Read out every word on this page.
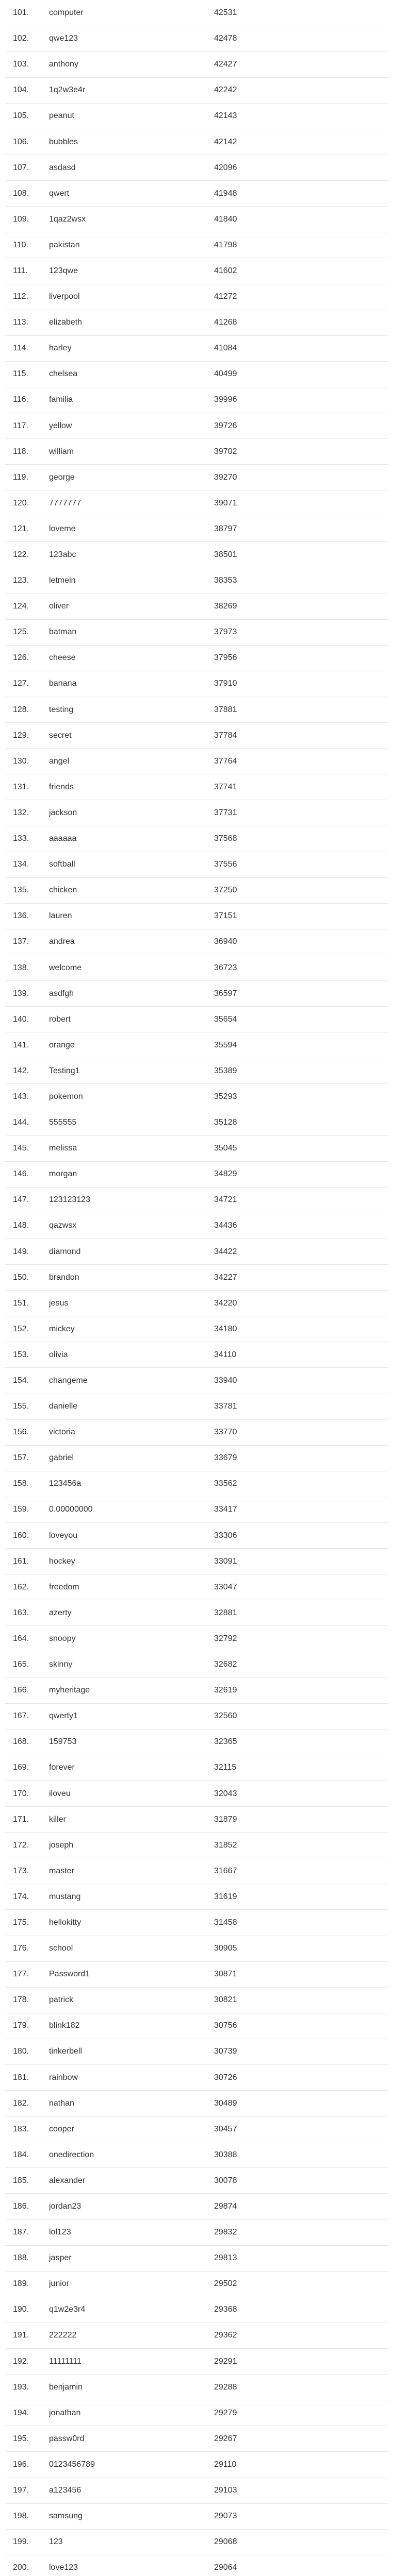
101.	computer	42531
102.	qwe123	42478
103.	anthony	42427
104.	1q2w3e4r	42242
105.	peanut	42143
106.	bubbles	42142
107.	asdasd	42096
108.	qwert	41948
109.	1qaz2wsx	41840
110.	pakistan	41798
111.	123qwe	41602
112.	liverpool	41272
113.	elizabeth	41268
114.	harley	41084
115.	chelsea	40499
116.	familia	39996
117.	yellow	39726
118.	william	39702
119.	george	39270
120.	7777777	39071
121.	loveme	38797
122.	123abc	38501
123.	letmein	38353
124.	oliver	38269
125.	batman	37973
126.	cheese	37956
127.	banana	37910
128.	testing	37881
129.	secret	37784
130.	angel	37764
131.	friends	37741
132.	jackson	37731
133.	aaaaaa	37568
134.	softball	37556
135.	chicken	37250
136.	lauren	37151
137.	andrea	36940
138.	welcome	36723
139.	asdfgh	36597
140.	robert	35654
141.	orange	35594
142.	Testing1	35389
143.	pokemon	35293
144.	555555	35128
145.	melissa	35045
146.	morgan	34829
147.	123123123	34721
148.	qazwsx	34436
149.	diamond	34422
150.	brandon	34227
151.	jesus	34220
152.	mickey	34180
153.	olivia	34110
154.	changeme	33940
155.	danielle	33781
156.	victoria	33770
157.	gabriel	33679
158.	123456a	33562
159.	0.00000000	33417
160.	loveyou	33306
161.	hockey	33091
162.	freedom	33047
163.	azerty	32881
164.	snoopy	32792
165.	skinny	32682
166.	myheritage	32619
167.	qwerty1	32560
168.	159753	32365
169.	forever	32115
170.	iloveu	32043
171.	killer	31879
172.	joseph	31852
173.	master	31667
174.	mustang	31619
175.	hellokitty	31458
176.	school	30905
177.	Password1	30871
178.	patrick	30821
179.	blink182	30756
180.	tinkerbell	30739
181.	rainbow	30726
182.	nathan	30489
183.	cooper	30457
184.	onedirection	30388
185.	alexander	30078
186.	jordan23	29874
187.	lol123	29832
188.	jasper	29813
189.	junior	29502
190.	q1w2e3r4	29368
191.	222222	29362
192.	11111111	29291
193.	benjamin	29288
194.	jonathan	29279
195.	passw0rd	29267
196.	0123456789	29110
197.	a123456	29103
198.	samsung	29073
199.	123	29068
200.	love123	29064
